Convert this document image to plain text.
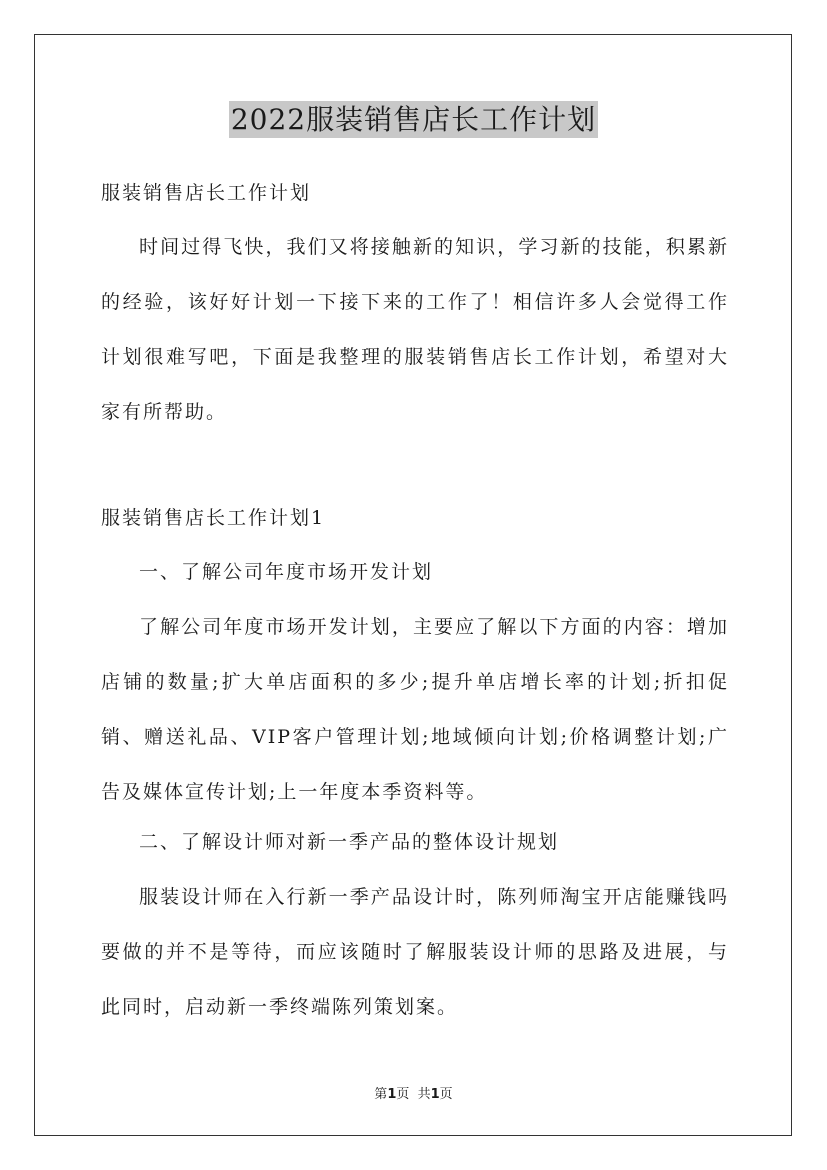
2022服装销售店长工作计划

服装销售店长工作计划

时间过得飞快，我们又将接触新的知识，学习新的技能，积累新的经验，该好好计划一下接下来的工作了！相信许多人会觉得工作计划很难写吧，下面是我整理的服装销售店长工作计划，希望对大家有所帮助。

服装销售店长工作计划1

一、了解公司年度市场开发计划

了解公司年度市场开发计划，主要应了解以下方面的内容：增加店铺的数量;扩大单店面积的多少;提升单店增长率的计划;折扣促销、赠送礼品、VIP客户管理计划;地域倾向计划;价格调整计划;广告及媒体宣传计划;上一年度本季资料等。

二、了解设计师对新一季产品的整体设计规划

服装设计师在入行新一季产品设计时，陈列师淘宝开店能赚钱吗要做的并不是等待，而应该随时了解服装设计师的思路及进展，与此同时，启动新一季终端陈列策划案。

第1页  共1页
